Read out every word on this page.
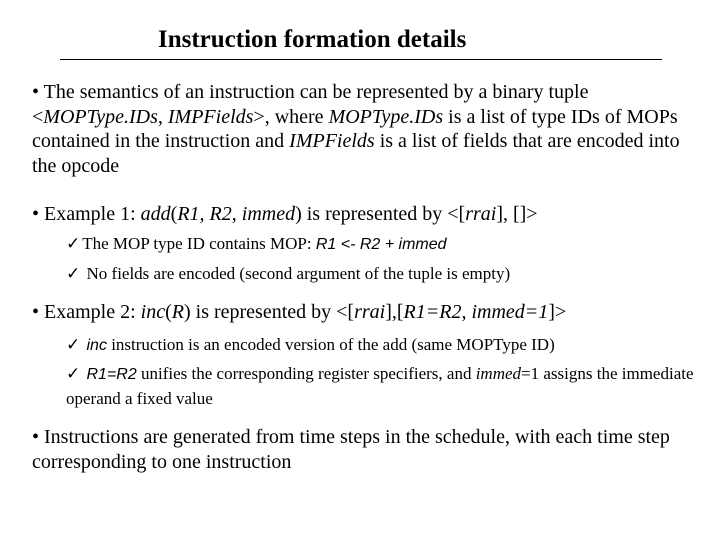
Instruction formation details
• The semantics of an instruction can be represented by a binary tuple <MOPType.IDs, IMPFields>, where MOPType.IDs is a list of type IDs of MOPs contained in the instruction and IMPFields is a list of fields that are encoded into the opcode
• Example 1: add(R1, R2, immed) is represented by <[rrai], []>
✓ The MOP type ID contains MOP: R1 <- R2 + immed
✓ No fields are encoded (second argument of the tuple is empty)
• Example 2: inc(R) is represented by <[rrai],[R1=R2, immed=1]>
✓ inc instruction is an encoded version of the add (same MOPType ID)
✓ R1=R2 unifies the corresponding register specifiers, and immed=1 assigns the immediate operand a fixed value
• Instructions are generated from time steps in the schedule, with each time step corresponding to one instruction
